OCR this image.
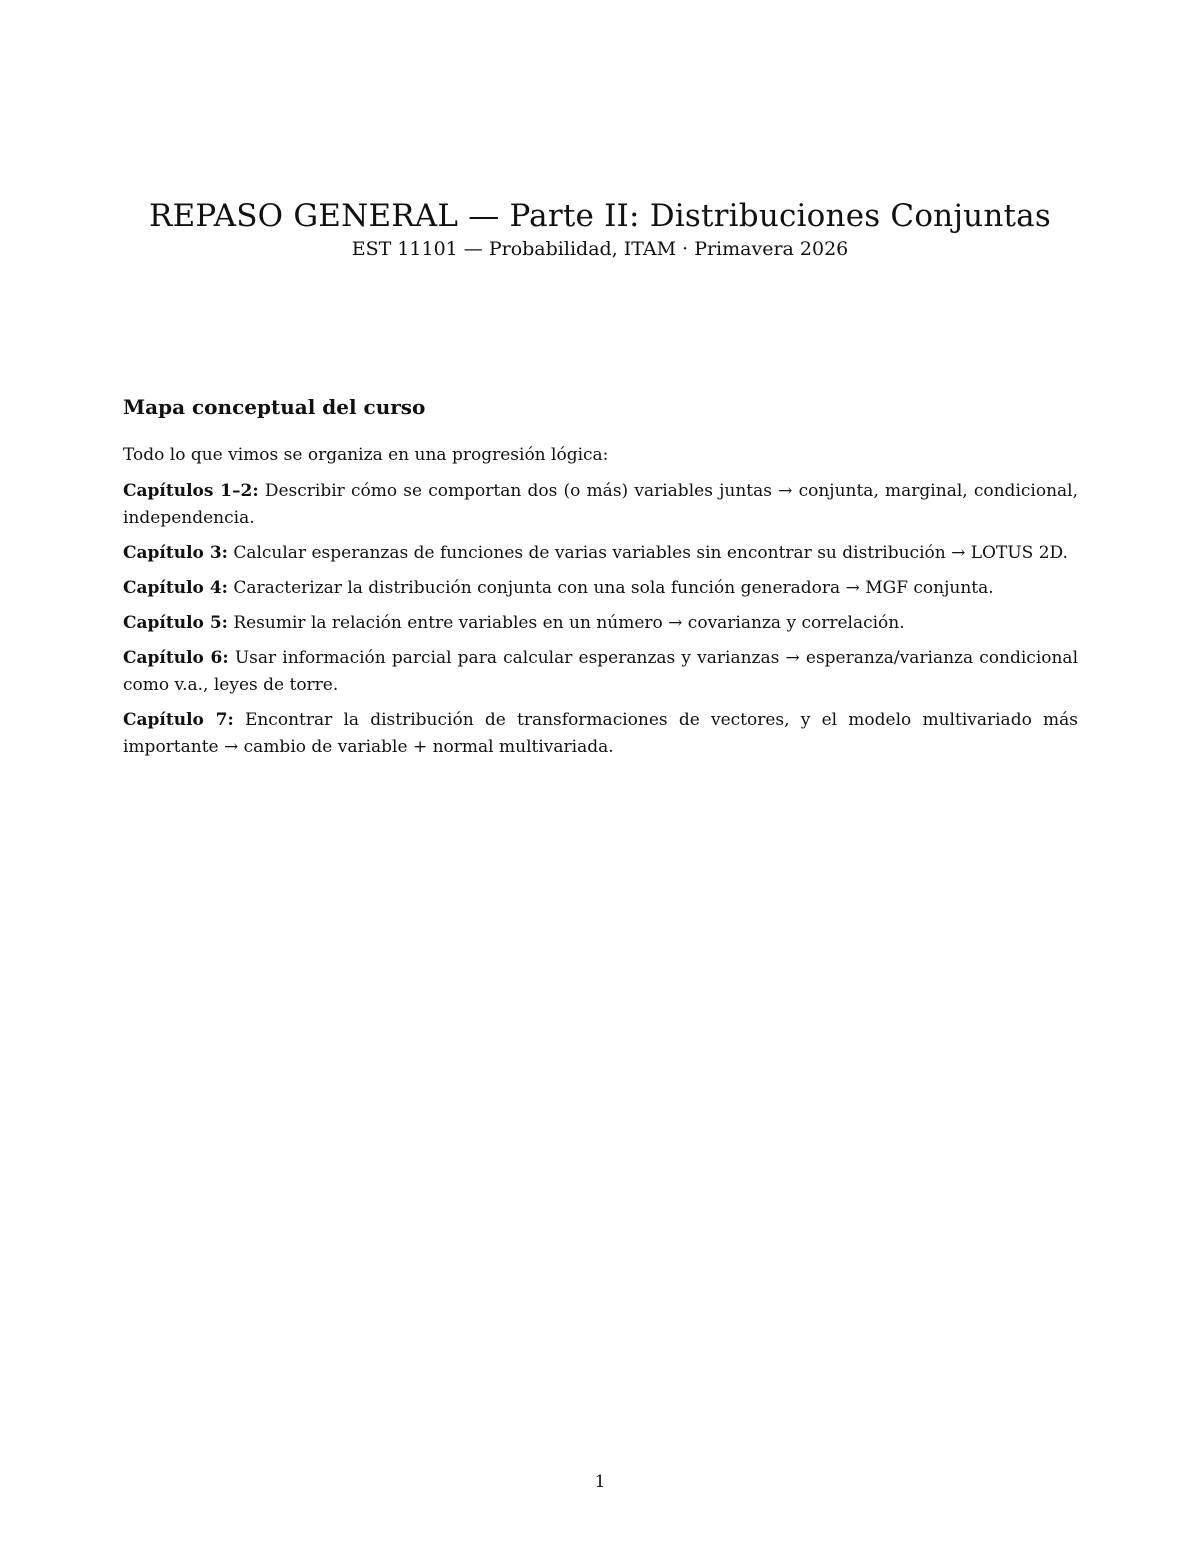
REPASO GENERAL — Parte II: Distribuciones Conjuntas
EST 11101 — Probabilidad, ITAM · Primavera 2026
Mapa conceptual del curso

Todo lo que vimos se organiza en una progresión lógica:

Capítulos 1–2: Describir cómo se comportan dos (o más) variables juntas → conjunta, marginal, condicional, independencia.

Capítulo 3: Calcular esperanzas de funciones de varias variables sin encontrar su distribución → LOTUS 2D.

Capítulo 4: Caracterizar la distribución conjunta con una sola función generadora → MGF conjunta.

Capítulo 5: Resumir la relación entre variables en un número → covarianza y correlación.

Capítulo 6: Usar información parcial para calcular esperanzas y varianzas → esperanza/varianza condicional como v.a., leyes de torre.

Capítulo 7: Encontrar la distribución de transformaciones de vectores, y el modelo multivariado más importante → cambio de variable + normal multivariada.

1
